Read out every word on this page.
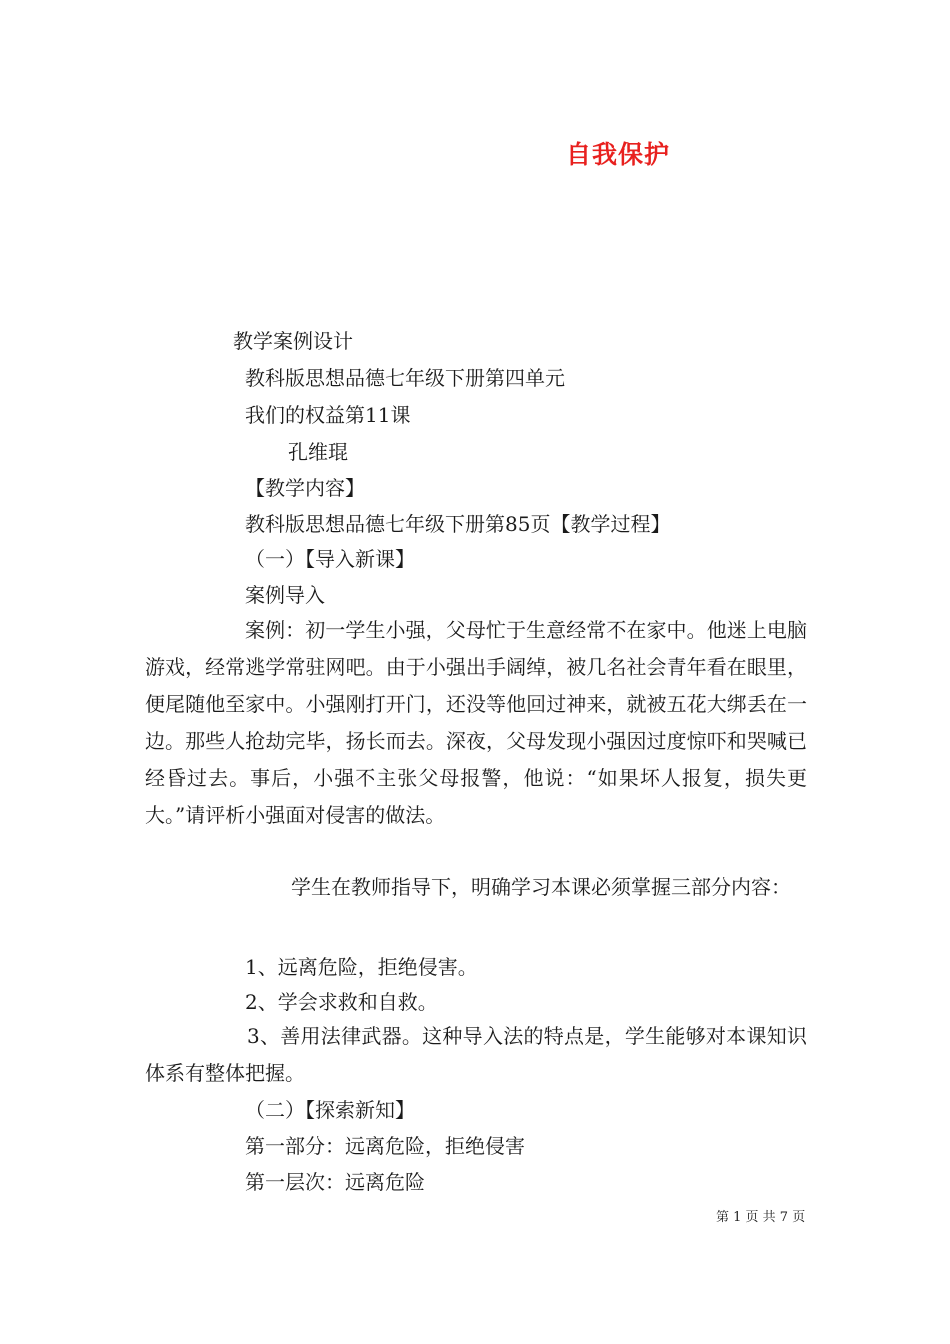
自我保护
教学案例设计
教科版思想品德七年级下册第四单元
我们的权益第11课
孔维琨
【教学内容】
教科版思想品德七年级下册第85页【教学过程】
（一）【导入新课】
案例导入
案例：初一学生小强，父母忙于生意经常不在家中。他迷上电脑游戏，经常逃学常驻网吧。由于小强出手阔绰，被几名社会青年看在眼里，便尾随他至家中。小强刚打开门，还没等他回过神来，就被五花大绑丢在一边。那些人抢劫完毕，扬长而去。深夜，父母发现小强因过度惊吓和哭喊已经昏过去。事后，小强不主张父母报警，他说：“如果坏人报复，损失更大。”请评析小强面对侵害的做法。
学生在教师指导下，明确学习本课必须掌握三部分内容：
1、远离危险，拒绝侵害。
2、学会求救和自救。
3、善用法律武器。这种导入法的特点是，学生能够对本课知识体系有整体把握。
（二）【探索新知】
第一部分：远离危险，拒绝侵害
第一层次：远离危险
第 1 页 共 7 页
